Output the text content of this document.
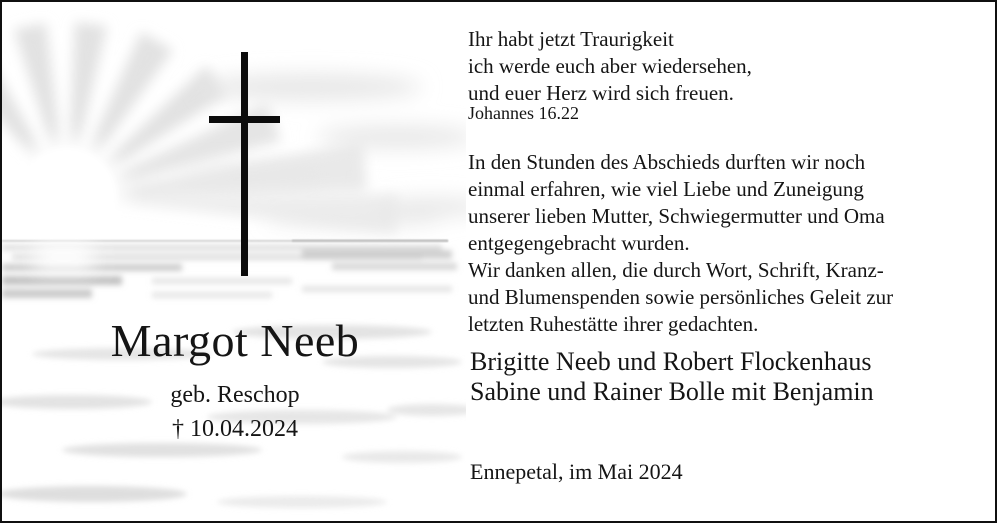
Margot Neeb
geb. Reschop
† 10.04.2024
Ihr habt jetzt Traurigkeit
ich werde euch aber wiedersehen,
und euer Herz wird sich freuen.
Johannes 16.22
In den Stunden des Abschieds durften wir noch
einmal erfahren, wie viel Liebe und Zuneigung
unserer lieben Mutter, Schwiegermutter und Oma
entgegengebracht wurden.
Wir danken allen, die durch Wort, Schrift, Kranz-
und Blumenspenden sowie persönliches Geleit zur
letzten Ruhestätte ihrer gedachten.
Brigitte Neeb und Robert Flockenhaus
Sabine und Rainer Bolle mit Benjamin
Ennepetal, im Mai 2024
